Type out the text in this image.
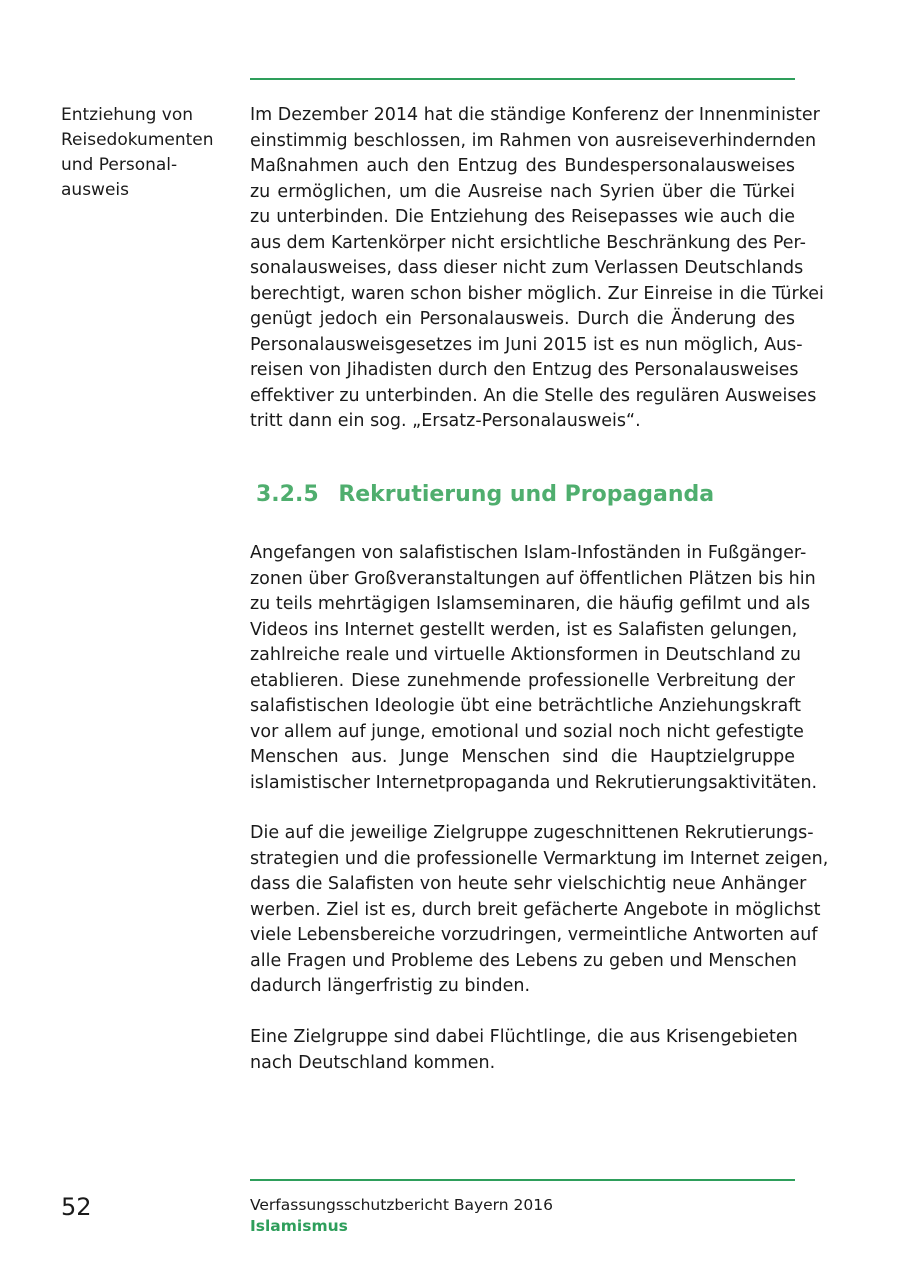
Entziehung von
Reisedokumenten
und Personal-
ausweis
Im Dezember 2014 hat die ständige Konferenz der Innenminister
einstimmig beschlossen, im Rahmen von ausreiseverhindernden
Maßnahmen auch den Entzug des Bundespersonalausweises
zu ermöglichen, um die Ausreise nach Syrien über die Türkei
zu unterbinden. Die Entziehung des Reisepasses wie auch die
aus dem Kartenkörper nicht ersichtliche Beschränkung des Per-
sonalausweises, dass dieser nicht zum Verlassen Deutschlands
berechtigt, waren schon bisher möglich. Zur Einreise in die Türkei
genügt jedoch ein Personalausweis. Durch die Änderung des
Personalausweisgesetzes im Juni 2015 ist es nun möglich, Aus-
reisen von Jihadisten durch den Entzug des Personalausweises
effektiver zu unterbinden. An die Stelle des regulären Ausweises
tritt dann ein sog. „Ersatz-Personalausweis“.
3.2.5 Rekrutierung und Propaganda
Angefangen von salafistischen Islam-Infoständen in Fußgänger-
zonen über Großveranstaltungen auf öffentlichen Plätzen bis hin
zu teils mehrtägigen Islamseminaren, die häufig gefilmt und als
Videos ins Internet gestellt werden, ist es Salafisten gelungen,
zahlreiche reale und virtuelle Aktionsformen in Deutschland zu
etablieren. Diese zunehmende professionelle Verbreitung der
salafistischen Ideologie übt eine beträchtliche Anziehungskraft
vor allem auf junge, emotional und sozial noch nicht gefestigte
Menschen aus. Junge Menschen sind die Hauptzielgruppe
islamistischer Internetpropaganda und Rekrutierungsaktivitäten.
Die auf die jeweilige Zielgruppe zugeschnittenen Rekrutierungs-
strategien und die professionelle Vermarktung im Internet zeigen,
dass die Salafisten von heute sehr vielschichtig neue Anhänger
werben. Ziel ist es, durch breit gefächerte Angebote in möglichst
viele Lebensbereiche vorzudringen, vermeintliche Antworten auf
alle Fragen und Probleme des Lebens zu geben und Menschen
dadurch längerfristig zu binden.
Eine Zielgruppe sind dabei Flüchtlinge, die aus Krisengebieten
nach Deutschland kommen.
52	Verfassungsschutzbericht Bayern 2016
Islamismus
